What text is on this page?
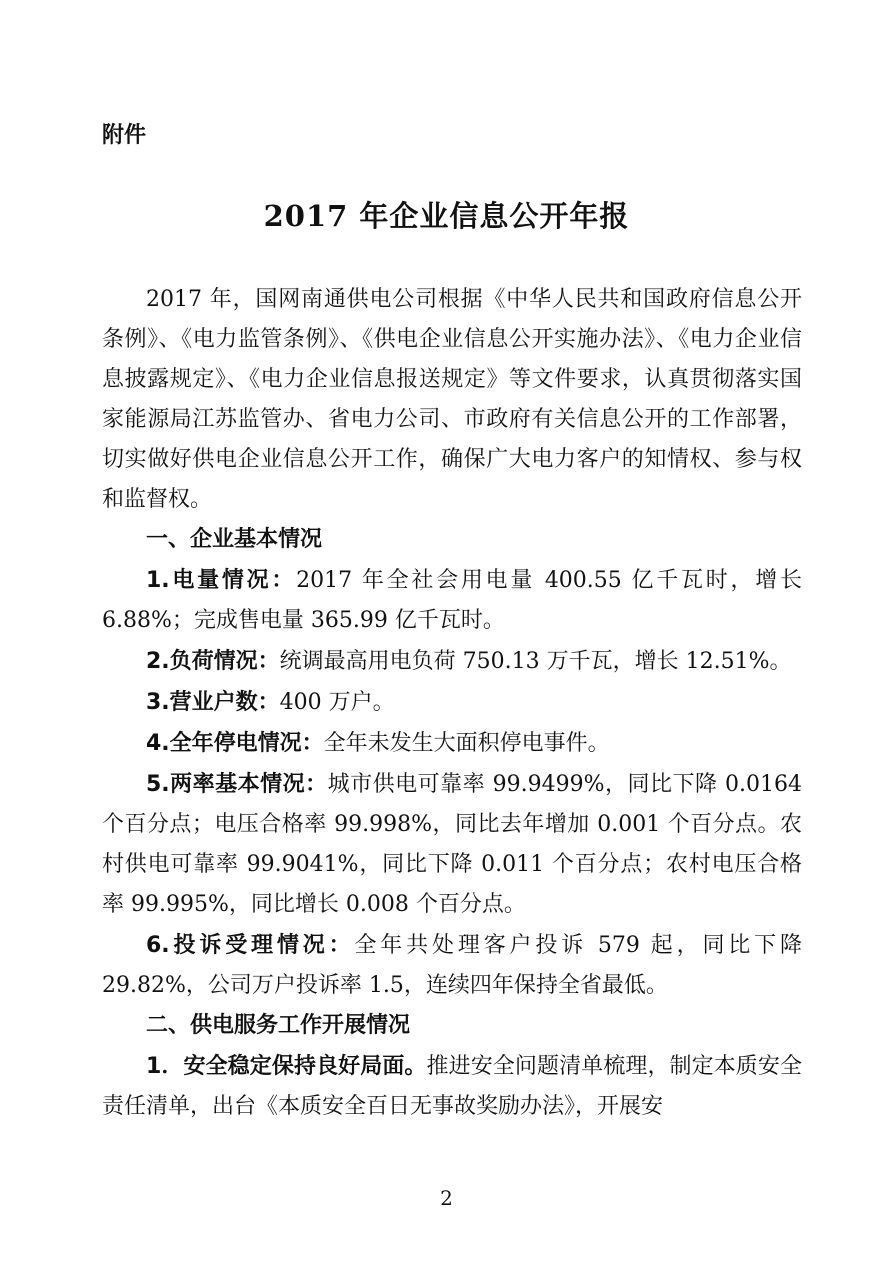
附件
2017 年企业信息公开年报

2017 年，国网南通供电公司根据《中华人民共和国政府信息公开条例》、《电力监管条例》、《供电企业信息公开实施办法》、《电力企业信息披露规定》、《电力企业信息报送规定》等文件要求，认真贯彻落实国家能源局江苏监管办、省电力公司、市政府有关信息公开的工作部署，切实做好供电企业信息公开工作，确保广大电力客户的知情权、参与权和监督权。

一、企业基本情况

1.电量情况：2017 年全社会用电量 400.55 亿千瓦时，增长 6.88%；完成售电量 365.99 亿千瓦时。

2.负荷情况：统调最高用电负荷 750.13 万千瓦，增长 12.51%。

3.营业户数：400 万户。

4.全年停电情况：全年未发生大面积停电事件。

5.两率基本情况：城市供电可靠率 99.9499%，同比下降 0.0164 个百分点；电压合格率 99.998%，同比去年增加 0.001 个百分点。农村供电可靠率 99.9041%，同比下降 0.011 个百分点；农村电压合格率 99.995%，同比增长 0.008 个百分点。

6.投诉受理情况：全年共处理客户投诉 579 起，同比下降 29.82%，公司万户投诉率 1.5，连续四年保持全省最低。

二、供电服务工作开展情况

1．安全稳定保持良好局面。推进安全问题清单梳理，制定本质安全责任清单，出台《本质安全百日无事故奖励办法》，开展安

2
